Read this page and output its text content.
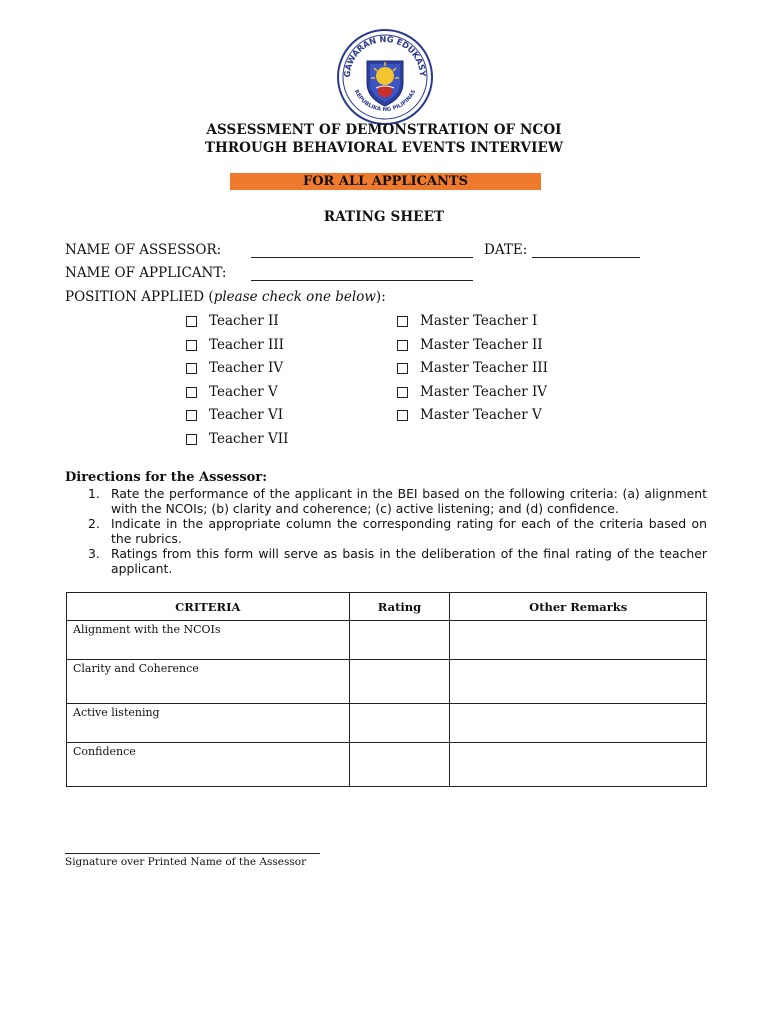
GAWARAN NG EDUKASY
REPUBLIKA NG PILIPINAS
ASSESSMENT OF DEMONSTRATION OF NCOI
THROUGH BEHAVIORAL EVENTS INTERVIEW
FOR ALL APPLICANTS
RATING SHEET
NAME OF ASSESSOR:	DATE:
NAME OF APPLICANT:
POSITION APPLIED (please check one below):
Teacher II
Teacher III
Teacher IV
Teacher V
Teacher VI
Teacher VII
Master Teacher I
Master Teacher II
Master Teacher III
Master Teacher IV
Master Teacher V
Directions for the Assessor:
1. Rate the performance of the applicant in the BEI based on the following criteria: (a) alignment with the NCOIs; (b) clarity and coherence; (c) active listening; and (d) confidence.
2. Indicate in the appropriate column the corresponding rating for each of the criteria based on the rubrics.
3. Ratings from this form will serve as basis in the deliberation of the final rating of the teacher applicant.
CRITERIA	Rating	Other Remarks
Alignment with the NCOIs		
Clarity and Coherence		
Active listening		
Confidence		
Signature over Printed Name of the Assessor
